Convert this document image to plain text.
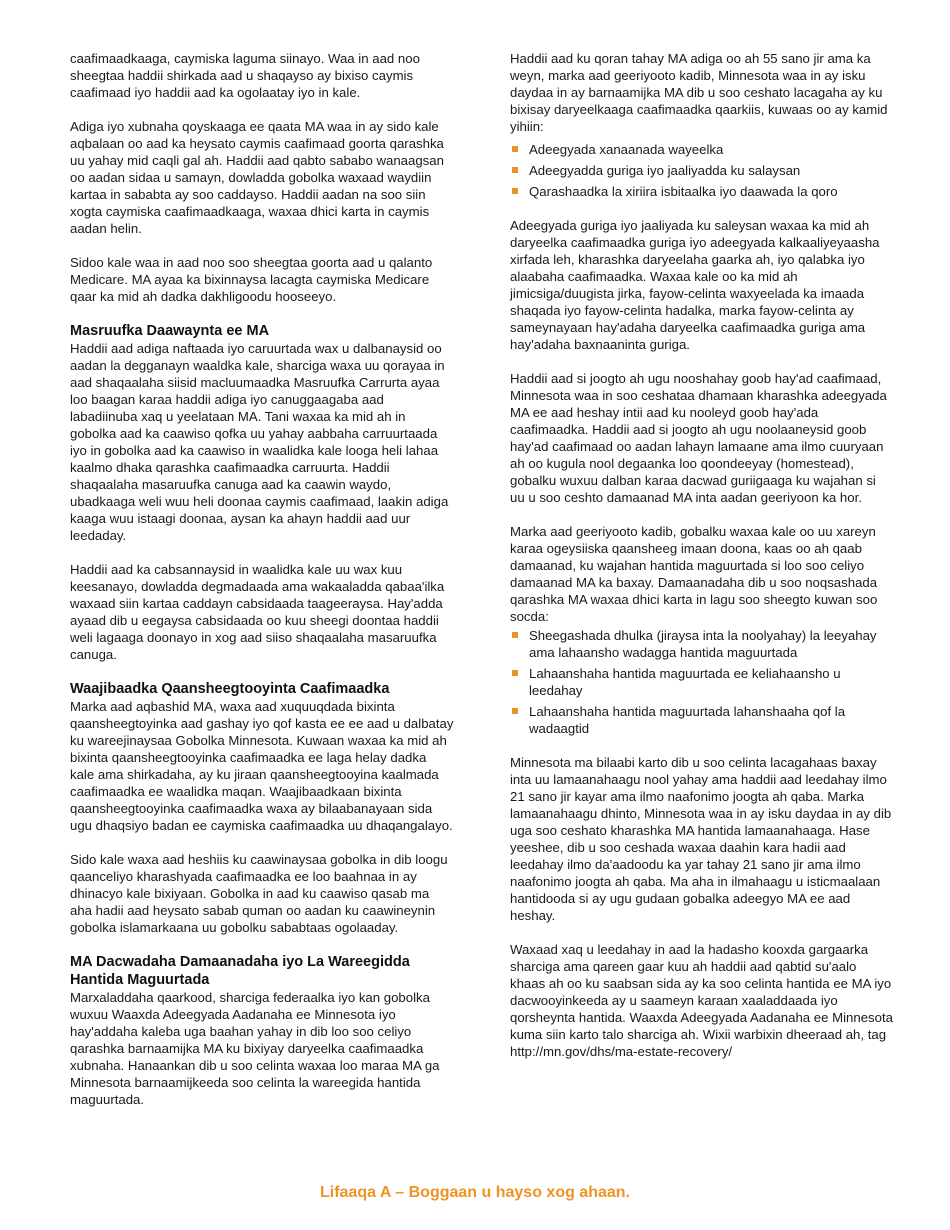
caafimaadkaaga, caymiska laguma siinayo. Waa in aad noo sheegtaa haddii shirkada aad u shaqayso ay bixiso caymis caafimaad iyo haddii aad ka ogolaatay iyo in kale.

Adiga iyo xubnaha qoyskaaga ee qaata MA waa in ay sido kale aqbalaan oo aad ka heysato caymis caafimaad goorta qarashka uu yahay mid caqli gal ah. Haddii aad qabto sababo wanaagsan oo aadan sidaa u samayn, dowladda gobolka waxaad waydiin kartaa in sababta ay soo caddayso. Haddii aadan na soo siin xogta caymiska caafimaadkaaga, waxaa dhici karta in caymis aadan helin.

Sidoo kale waa in aad noo soo sheegtaa goorta aad u qalanto Medicare. MA ayaa ka bixinnaysa lacagta caymiska Medicare qaar ka mid ah dadka dakhligoodu hooseeyo.

Masruufka Daawaynta ee MA

Haddii aad adiga naftaada iyo caruurtada wax u dalbanaysid oo aadan la degganayn waaldka kale, sharciga waxa uu qorayaa in aad shaqaalaha siisid macluumaadka Masruufka Carrurta ayaa loo baagan karaa haddii adiga iyo canuggaagaba aad labadiinuba xaq u yeelataan MA. Tani waxaa ka mid ah in gobolka aad ka caawiso qofka uu yahay aabbaha carruurtaada iyo in gobolka aad ka caawiso in waalidka kale looga heli lahaa kaalmo dhaka qarashka caafimaadka carruurta. Haddii shaqaalaha masaruufka canuga aad ka caawin waydo, ubadkaaga weli wuu heli doonaa caymis caafimaad, laakin adiga kaaga wuu istaagi doonaa, aysan ka ahayn haddii aad uur leedaday.

Haddii aad ka cabsannaysid in waalidka kale uu wax kuu keesanayo, dowladda degmadaada ama wakaaladda qabaa'ilka waxaad siin kartaa caddayn cabsidaada taageeraysa. Hay'adda ayaad dib u eegaysa cabsidaada oo kuu sheegi doontaa haddii weli lagaaga doonayo in xog aad siiso shaqaalaha masaruufka canuga.

Waajibaadka Qaansheegtooyinta Caafimaadka

Marka aad aqbashid MA, waxa aad xuquuqdada bixinta qaansheegtoyinka aad gashay iyo qof kasta ee ee aad u dalbatay ku wareejinaysaa Gobolka Minnesota. Kuwaan waxaa ka mid ah bixinta qaansheegtooyinka caafimaadka ee laga helay dadka kale ama shirkadaha, ay ku jiraan qaansheegtooyina kaalmada caafimaadka ee waalidka maqan. Waajibaadkaan bixinta qaansheegtooyinka caafimaadka waxa ay bilaabanayaan sida ugu dhaqsiyo badan ee caymiska caafimaadka uu dhaqangalayo.

Sido kale waxa aad heshiis ku caawinaysaa gobolka in dib loogu qaanceliyo kharashyada caafimaadka ee loo baahnaa in ay dhinacyo kale bixiyaan. Gobolka in aad ku caawiso qasab ma aha hadii aad heysato sabab quman oo aadan ku caawineynin gobolka islamarkaana uu gobolku sababtaas ogolaaday.

MA Dacwadaha Damaanadaha iyo La Wareegidda Hantida Maguurtada

Marxaladdaha qaarkood, sharciga federaalka iyo kan gobolka wuxuu Waaxda Adeegyada Aadanaha ee Minnesota iyo hay'addaha kaleba uga baahan yahay in dib loo soo celiyo qarashka barnaamijka MA ku bixiyay daryeelka caafimaadka xubnaha. Hanaankan dib u soo celinta waxaa loo maraa MA ga Minnesota barnaamijkeeda soo celinta la wareegida hantida maguurtada.

Haddii aad ku qoran tahay MA adiga oo ah 55 sano jir ama ka weyn, marka aad geeriyooto kadib, Minnesota waa in ay isku daydaa in ay barnaamijka MA dib u soo ceshato lacagaha ay ku bixisay daryeelkaaga caafimaadka qaarkiis, kuwaas oo ay kamid yihiin:

Adeegyada xanaanada wayeelka
Adeegyadda guriga iyo jaaliyadda ku salaysan
Qarashaadka la xiriira isbitaalka iyo daawada la qoro

Adeegyada guriga iyo jaaliyada ku saleysan waxaa ka mid ah daryeelka caafimaadka guriga iyo adeegyada kalkaaliyeyaasha xirfada leh, kharashka daryeelaha gaarka ah, iyo qalabka iyo alaabaha caafimaadka. Waxaa kale oo ka mid ah jimicsiga/duugista jirka, fayow-celinta waxyeelada ka imaada shaqada iyo fayow-celinta hadalka, marka fayow-celinta ay sameynayaan hay'adaha daryeelka caafimaadka guriga ama hay'adaha baxnaaninta guriga.

Haddii aad si joogto ah ugu nooshahay goob hay'ad caafimaad, Minnesota waa in soo ceshataa dhamaan kharashka adeegyada MA ee aad heshay intii aad ku nooleyd goob hay'ada caafimaadka. Haddii aad si joogto ah ugu noolaaneysid goob hay'ad caafimaad oo aadan lahayn lamaane ama ilmo cuuryaan ah oo kugula nool degaanka loo qoondeeyay (homestead), gobalku wuxuu dalban karaa dacwad guriigaaga ku wajahan si uu u soo ceshto damaanad MA inta aadan geeriyoon ka hor.

Marka aad geeriyooto kadib, gobalku waxaa kale oo uu xareyn karaa ogeysiiska qaansheeg imaan doona, kaas oo ah qaab damaanad, ku wajahan hantida maguurtada si loo soo celiyo damaanad MA ka baxay. Damaanadaha dib u soo noqsashada qarashka MA waxaa dhici karta in lagu soo sheegto kuwan soo socda:

Sheegashada dhulka (jiraysa inta la noolyahay) la leeyahay ama lahaansho wadagga hantida maguurtada
Lahaanshaha hantida maguurtada ee keliahaansho u leedahay
Lahaanshaha hantida maguurtada lahanshaaha qof la wadaagtid

Minnesota ma bilaabi karto dib u soo celinta lacagahaas baxay inta uu lamaanahaagu nool yahay ama haddii aad leedahay ilmo 21 sano jir kayar ama ilmo naafonimo joogta ah qaba. Marka lamaanahaagu dhinto, Minnesota waa in ay isku daydaa in ay dib uga soo ceshato kharashka MA hantida lamaanahaaga. Hase yeeshee, dib u soo ceshada waxaa daahin kara hadii aad leedahay ilmo da'aadoodu ka yar tahay 21 sano jir ama ilmo naafonimo joogta ah qaba. Ma aha in ilmahaagu u isticmaalaan hantidooda si ay ugu gudaan gobalka adeegyo MA ee aad heshay.

Waxaad xaq u leedahay in aad la hadasho kooxda gargaarka sharciga ama qareen gaar kuu ah haddii aad qabtid su'aalo khaas ah oo ku saabsan sida ay ka soo celinta hantida ee MA iyo dacwooyinkeeda ay u saameyn karaan xaaladdaada iyo qorsheynta hantida. Waaxda Adeegyada Aadanaha ee Minnesota kuma siin karto talo sharciga ah. Wixii warbixin dheeraad ah, tag
http://mn.gov/dhs/ma-estate-recovery/

Lifaaqa A – Boggaan u hayso xog ahaan.
